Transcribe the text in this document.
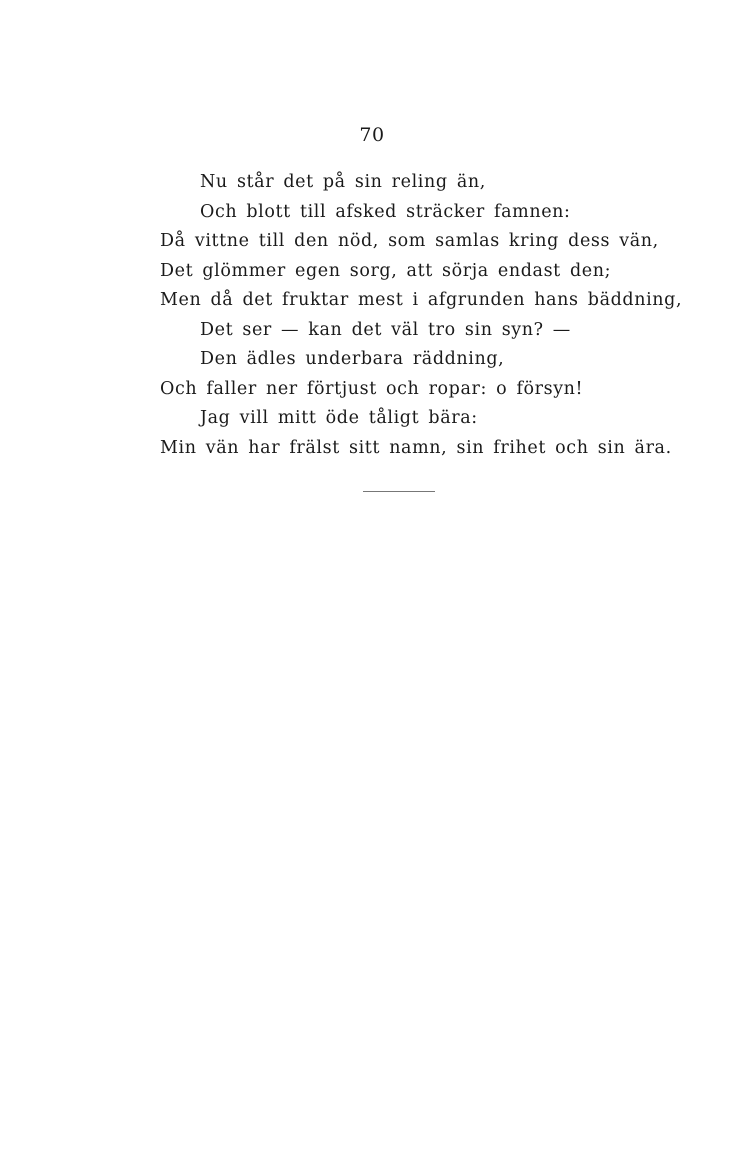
70
Nu står det på sin reling än,
Och blott till afsked sträcker famnen:
Då vittne till den nöd, som samlas kring dess vän,
Det glömmer egen sorg, att sörja endast den;
Men då det fruktar mest i afgrunden hans bäddning,
Det ser — kan det väl tro sin syn? —
Den ädles underbara räddning,
Och faller ner förtjust och ropar: o försyn!
Jag vill mitt öde tåligt bära:
Min vän har frälst sitt namn, sin frihet och sin ära.
